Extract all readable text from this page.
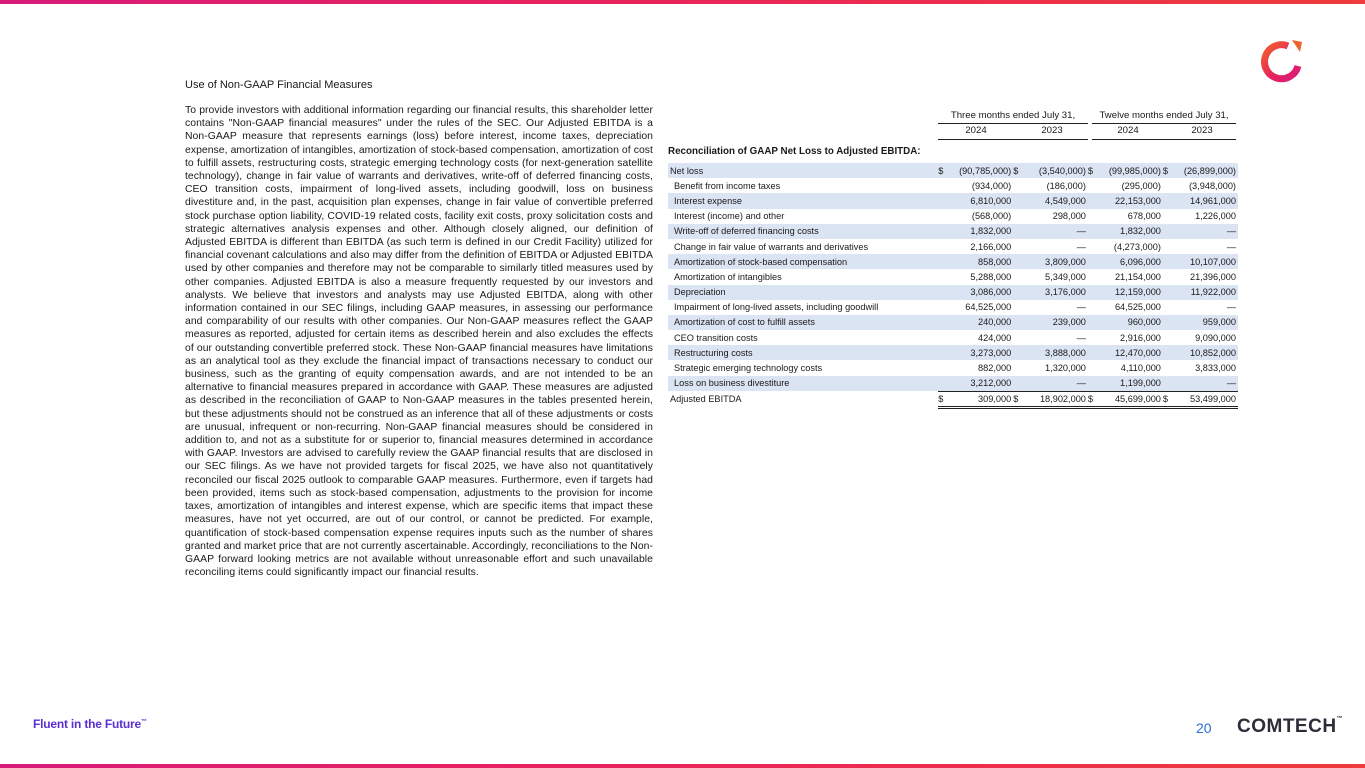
Use of Non-GAAP Financial Measures

To provide investors with additional information regarding our financial results, this shareholder letter contains "Non-GAAP financial measures" under the rules of the SEC. Our Adjusted EBITDA is a Non-GAAP measure that represents earnings (loss) before interest, income taxes, depreciation expense, amortization of intangibles, amortization of stock-based compensation, amortization of cost to fulfill assets, restructuring costs, strategic emerging technology costs (for next-generation satellite technology), change in fair value of warrants and derivatives, write-off of deferred financing costs, CEO transition costs, impairment of long-lived assets, including goodwill, loss on business divestiture and, in the past, acquisition plan expenses, change in fair value of convertible preferred stock purchase option liability, COVID-19 related costs, facility exit costs, proxy solicitation costs and strategic alternatives analysis expenses and other. Although closely aligned, our definition of Adjusted EBITDA is different than EBITDA (as such term is defined in our Credit Facility) utilized for financial covenant calculations and also may differ from the definition of EBITDA or Adjusted EBITDA used by other companies and therefore may not be comparable to similarly titled measures used by other companies. Adjusted EBITDA is also a measure frequently requested by our investors and analysts. We believe that investors and analysts may use Adjusted EBITDA, along with other information contained in our SEC filings, including GAAP measures, in assessing our performance and comparability of our results with other companies. Our Non-GAAP measures reflect the GAAP measures as reported, adjusted for certain items as described herein and also excludes the effects of our outstanding convertible preferred stock. These Non-GAAP financial measures have limitations as an analytical tool as they exclude the financial impact of transactions necessary to conduct our business, such as the granting of equity compensation awards, and are not intended to be an alternative to financial measures prepared in accordance with GAAP. These measures are adjusted as described in the reconciliation of GAAP to Non-GAAP measures in the tables presented herein, but these adjustments should not be construed as an inference that all of these adjustments or costs are unusual, infrequent or non-recurring. Non-GAAP financial measures should be considered in addition to, and not as a substitute for or superior to, financial measures determined in accordance with GAAP. Investors are advised to carefully review the GAAP financial results that are disclosed in our SEC filings. As we have not provided targets for fiscal 2025, we have also not quantitatively reconciled our fiscal 2025 outlook to comparable GAAP measures. Furthermore, even if targets had been provided, items such as stock-based compensation, adjustments to the provision for income taxes, amortization of intangibles and interest expense, which are specific items that impact these measures, have not yet occurred, are out of our control, or cannot be predicted. For example, quantification of stock-based compensation expense requires inputs such as the number of shares granted and market price that are not currently ascertainable. Accordingly, reconciliations to the Non-GAAP forward looking metrics are not available without unreasonable effort and such unavailable reconciling items could significantly impact our financial results.

Three months ended July 31,	Twelve months ended July 31,
2024	2023	2024	2023

Reconciliation of GAAP Net Loss to Adjusted EBITDA:

Net loss	$	(90,785,000)	$	(3,540,000)	$	(99,985,000)	$	(26,899,000)
Benefit from income taxes		(934,000)		(186,000)		(295,000)		(3,948,000)
Interest expense		6,810,000		4,549,000		22,153,000		14,961,000
Interest (income) and other		(568,000)		298,000		678,000		1,226,000
Write-off of deferred financing costs		1,832,000		—		1,832,000		—
Change in fair value of warrants and derivatives		2,166,000		—		(4,273,000)		—
Amortization of stock-based compensation		858,000		3,809,000		6,096,000		10,107,000
Amortization of intangibles		5,288,000		5,349,000		21,154,000		21,396,000
Depreciation		3,086,000		3,176,000		12,159,000		11,922,000
Impairment of long-lived assets, including goodwill		64,525,000		—		64,525,000		—
Amortization of cost to fulfill assets		240,000		239,000		960,000		959,000
CEO transition costs		424,000		—		2,916,000		9,090,000
Restructuring costs		3,273,000		3,888,000		12,470,000		10,852,000
Strategic emerging technology costs		882,000		1,320,000		4,110,000		3,833,000
Loss on business divestiture		3,212,000		—		1,199,000		—
Adjusted EBITDA	$	309,000	$	18,902,000	$	45,699,000	$	53,499,000
Fluent in the Future™	20 COMTECH™
